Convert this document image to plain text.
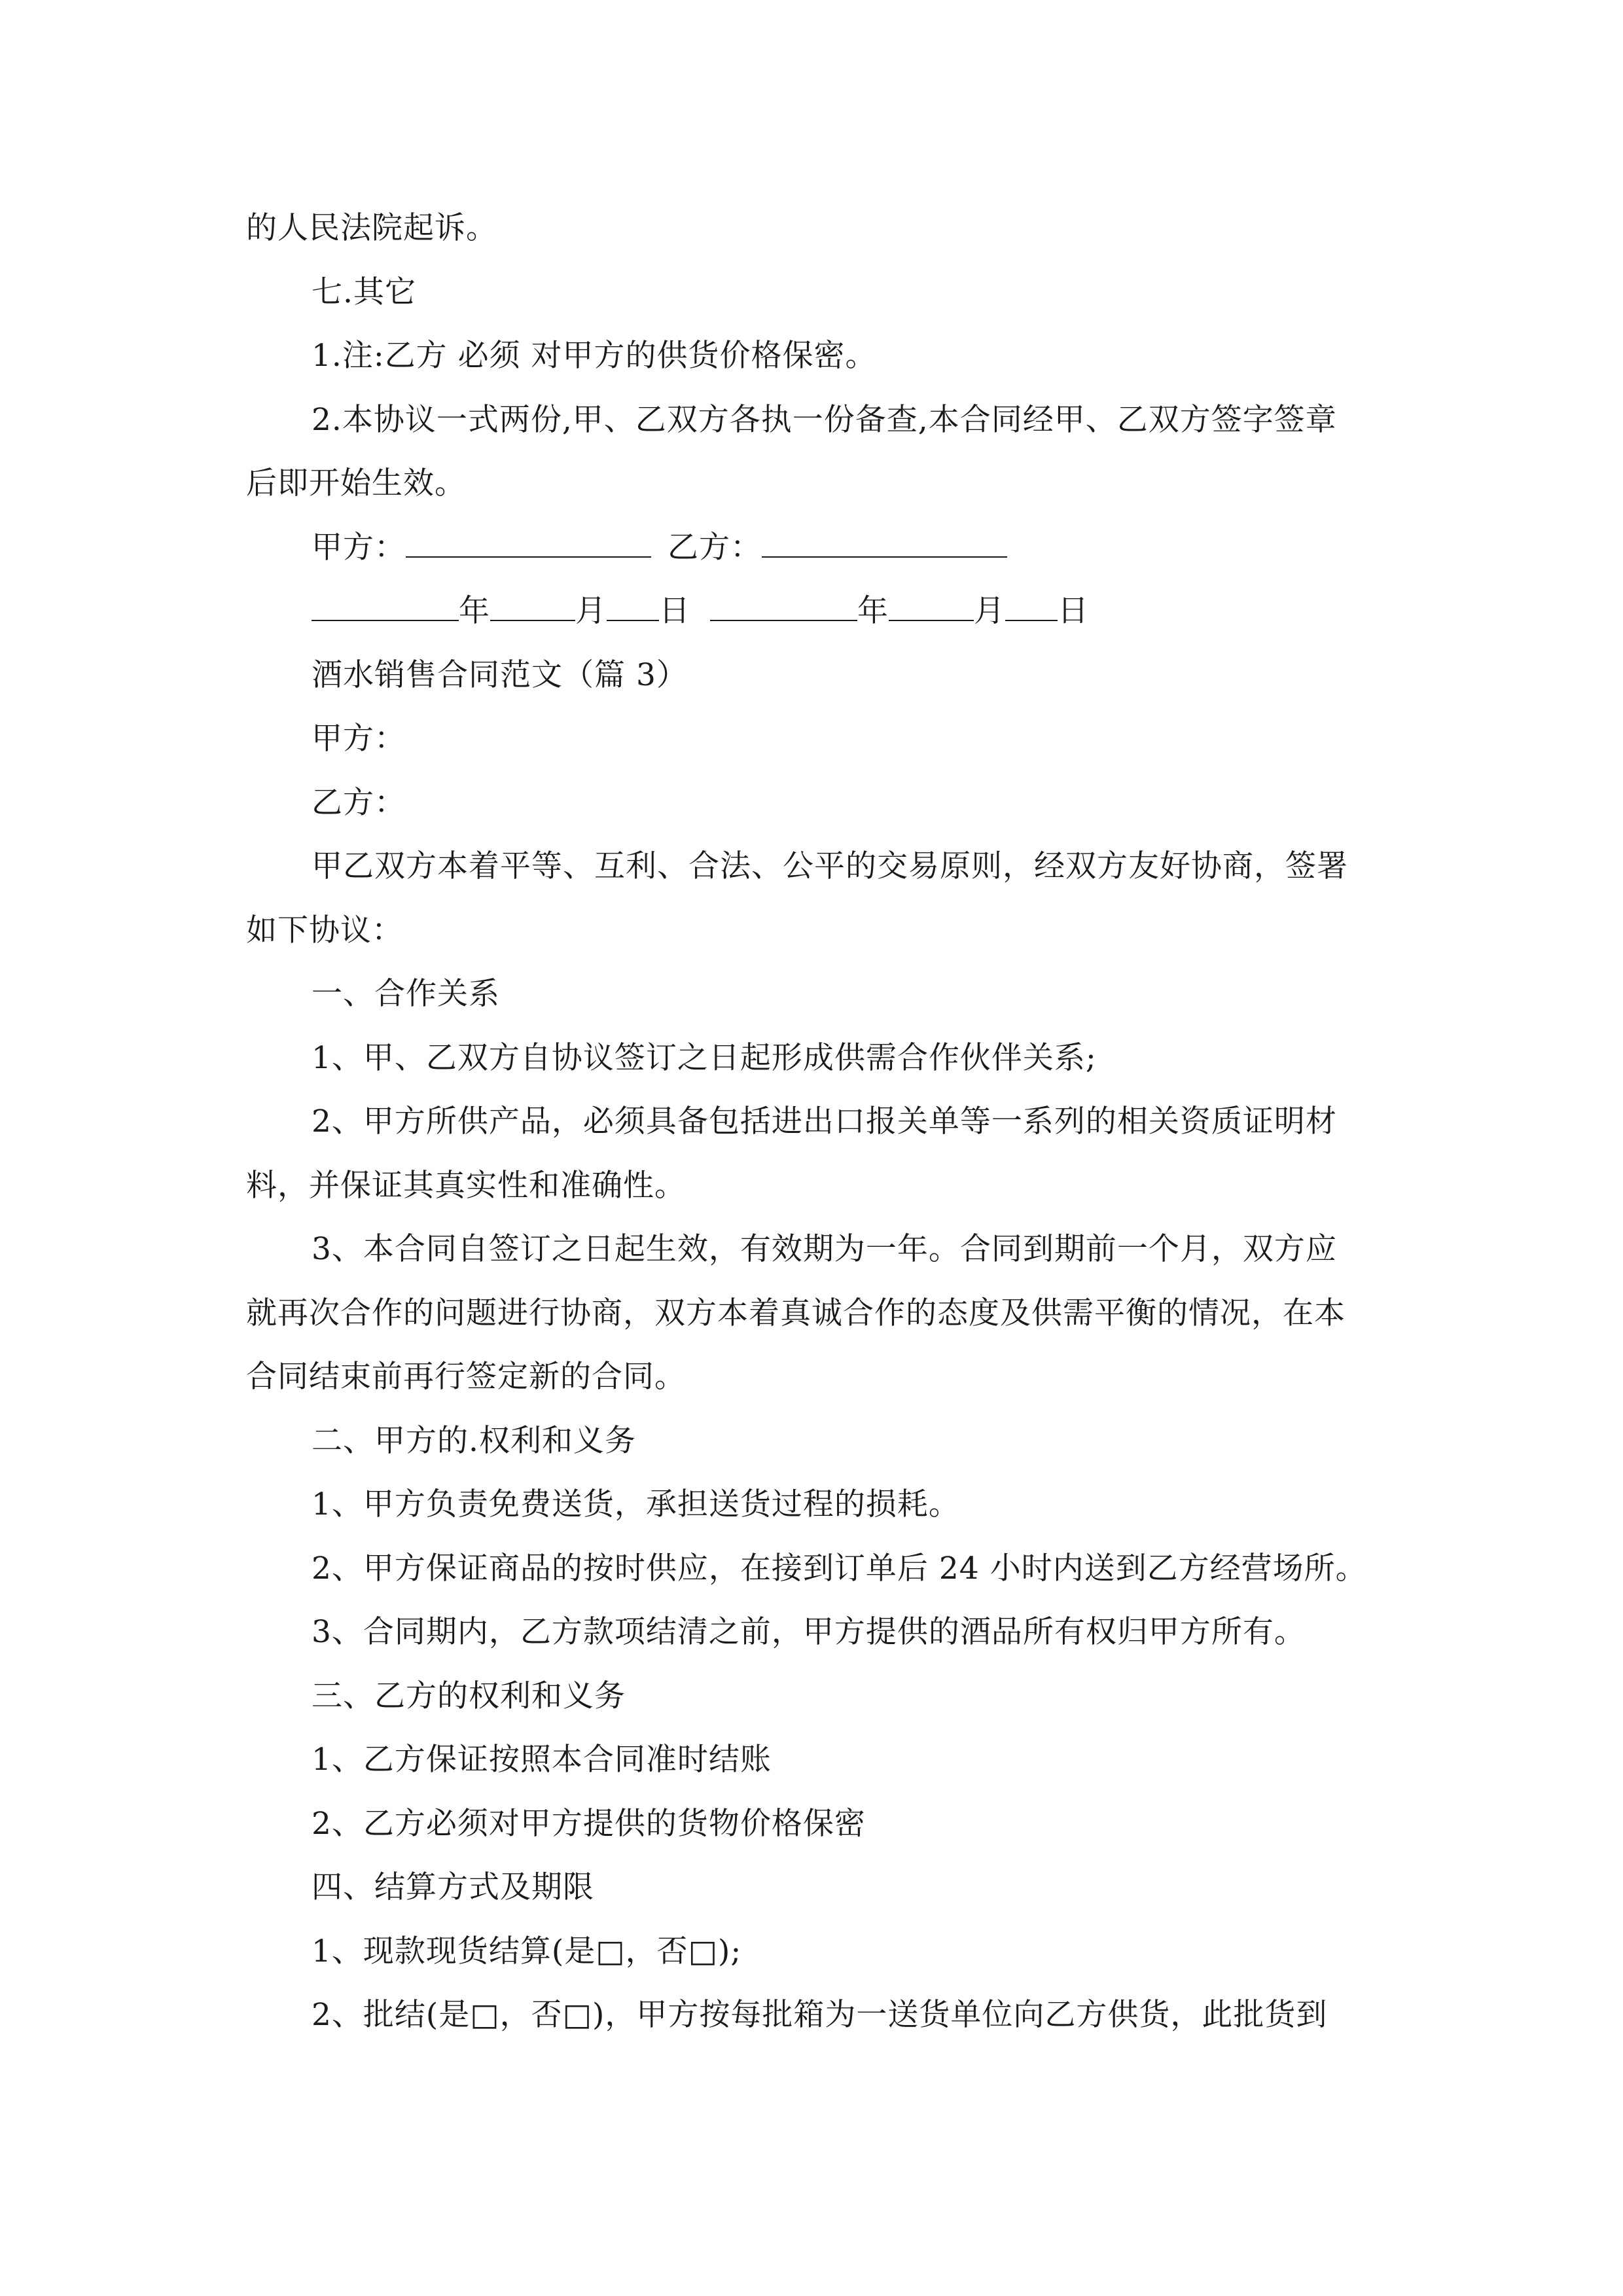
的人民法院起诉。
七.其它
1.注:乙方 必须 对甲方的供货价格保密。
2.本协议一式两份,甲、乙双方各执一份备查,本合同经甲、乙双方签字签章
后即开始生效。
甲方：	乙方：
年	月 日	年	月 日
酒水销售合同范文（篇 3）
甲方：
乙方：
甲乙双方本着平等、互利、合法、公平的交易原则，经双方友好协商，签署
如下协议：
一、合作关系
1、甲、乙双方自协议签订之日起形成供需合作伙伴关系;
2、甲方所供产品，必须具备包括进出口报关单等一系列的相关资质证明材
料，并保证其真实性和准确性。
3、本合同自签订之日起生效，有效期为一年。合同到期前一个月，双方应
就再次合作的问题进行协商，双方本着真诚合作的态度及供需平衡的情况，在本
合同结束前再行签定新的合同。
二、甲方的.权利和义务
1、甲方负责免费送货，承担送货过程的损耗。
2、甲方保证商品的按时供应，在接到订单后 24 小时内送到乙方经营场所。
3、合同期内，乙方款项结清之前，甲方提供的酒品所有权归甲方所有。
三、乙方的权利和义务
1、乙方保证按照本合同准时结账
2、乙方必须对甲方提供的货物价格保密
四、结算方式及期限
1、现款现货结算(是□，否□);
2、批结(是□，否□)，甲方按每批箱为一送货单位向乙方供货，此批货到
